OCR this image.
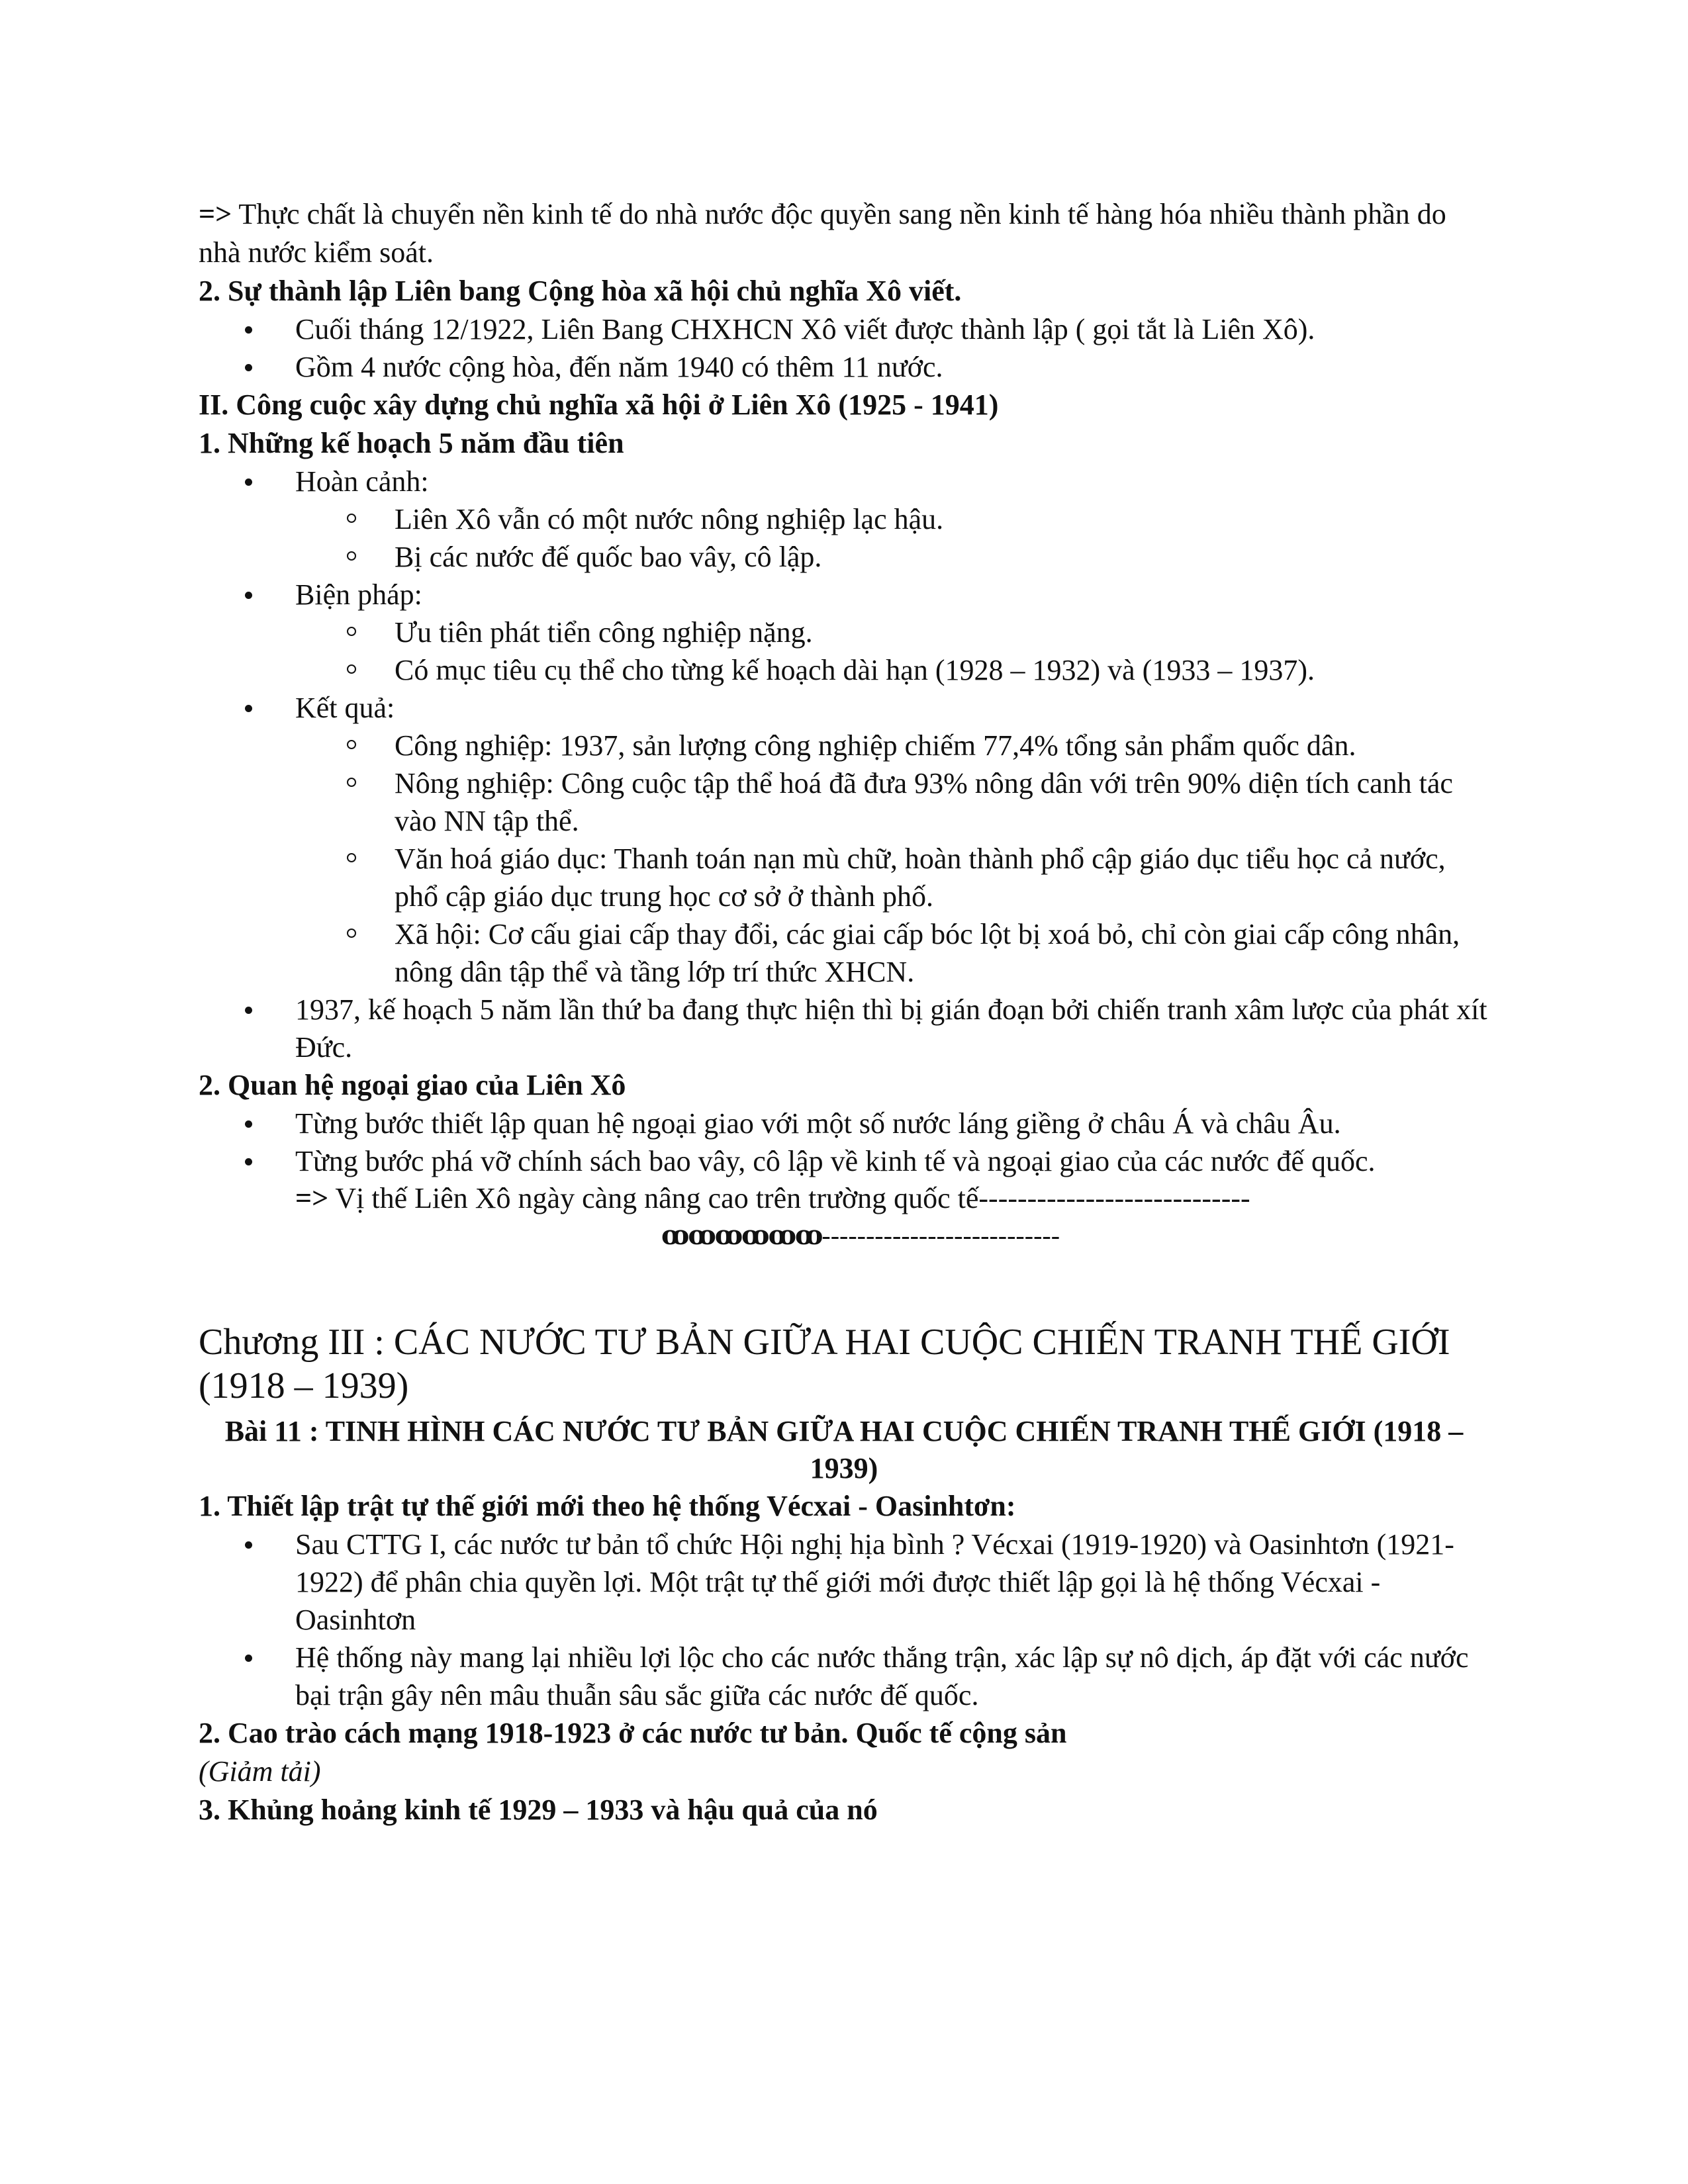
=> Thực chất là chuyển nền kinh tế do nhà nước độc quyền sang nền kinh tế hàng hóa nhiều thành phần do nhà nước kiểm soát.

2. Sự thành lập Liên bang Cộng hòa xã hội chủ nghĩa Xô viết.
Cuối tháng 12/1922, Liên Bang CHXHCN Xô viết được thành lập ( gọi tắt là Liên Xô).
Gồm 4 nước cộng hòa, đến năm 1940 có thêm 11 nước.
II. Công cuộc xây dựng chủ nghĩa xã hội ở Liên Xô (1925 - 1941)
1. Những kế hoạch 5 năm đầu tiên
Hoàn cảnh:
Liên Xô vẫn có một nước nông nghiệp lạc hậu.
Bị các nước đế quốc bao vây, cô lập.
Biện pháp:
Ưu tiên phát tiển công nghiệp nặng.
Có mục tiêu cụ thể cho từng kế hoạch dài hạn (1928 – 1932) và (1933 – 1937).
Kết quả:
Công nghiệp: 1937, sản lượng công nghiệp chiếm 77,4% tổng sản phẩm quốc dân.
Nông nghiệp: Công cuộc tập thể hoá đã đưa 93% nông dân với trên 90% diện tích canh tác vào NN tập thể.
Văn hoá giáo dục: Thanh toán nạn mù chữ, hoàn thành phổ cập giáo dục tiểu học cả nước, phổ cập giáo dục trung học cơ sở ở thành phố.
Xã hội: Cơ cấu giai cấp thay đổi, các giai cấp bóc lột bị xoá bỏ, chỉ còn giai cấp công nhân, nông dân tập thể và tầng lớp trí thức XHCN.
1937, kế hoạch 5 năm lần thứ ba đang thực hiện thì bị gián đoạn bởi chiến tranh xâm lược của phát xít Đức.
2. Quan hệ ngoại giao của Liên Xô
Từng bước thiết lập quan hệ ngoại giao với một số nước láng giềng ở châu Á và châu Âu.
Từng bước phá vỡ chính sách bao vây, cô lập về kinh tế và ngoại giao của các nước đế quốc.

=> Vị thế Liên Xô ngày càng nâng cao trên trường quốc tế----------------------------

ꝏꝏꝏꝏꝏꝏ ---------------------------
Chương III : CÁC NƯỚC TƯ BẢN GIỮA HAI CUỘC CHIẾN TRANH THẾ GIỚI (1918 – 1939)
Bài 11 : TINH HÌNH CÁC NƯỚC TƯ BẢN GIỮA HAI CUỘC CHIẾN TRANH THẾ GIỚI (1918 – 1939)
1. Thiết lập trật tự thế giới mới theo hệ thống Vécxai - Oasinhtơn:
Sau CTTG I, các nước tư bản tổ chức Hội nghị hịa bình ? Vécxai (1919-1920) và Oasinhtơn (1921-1922) để phân chia quyền lợi. Một trật tự thế giới mới được thiết lập gọi là hệ thống Vécxai - Oasinhtơn
Hệ thống này mang lại nhiều lợi lộc cho các nước thắng trận, xác lập sự nô dịch, áp đặt với các nước bại trận gây nên mâu thuẫn sâu sắc giữa các nước đế quốc.
2. Cao trào cách mạng 1918-1923 ở các nước tư bản. Quốc tế cộng sản

(Giảm tải)

3. Khủng hoảng kinh tế 1929 – 1933 và hậu quả của nó
